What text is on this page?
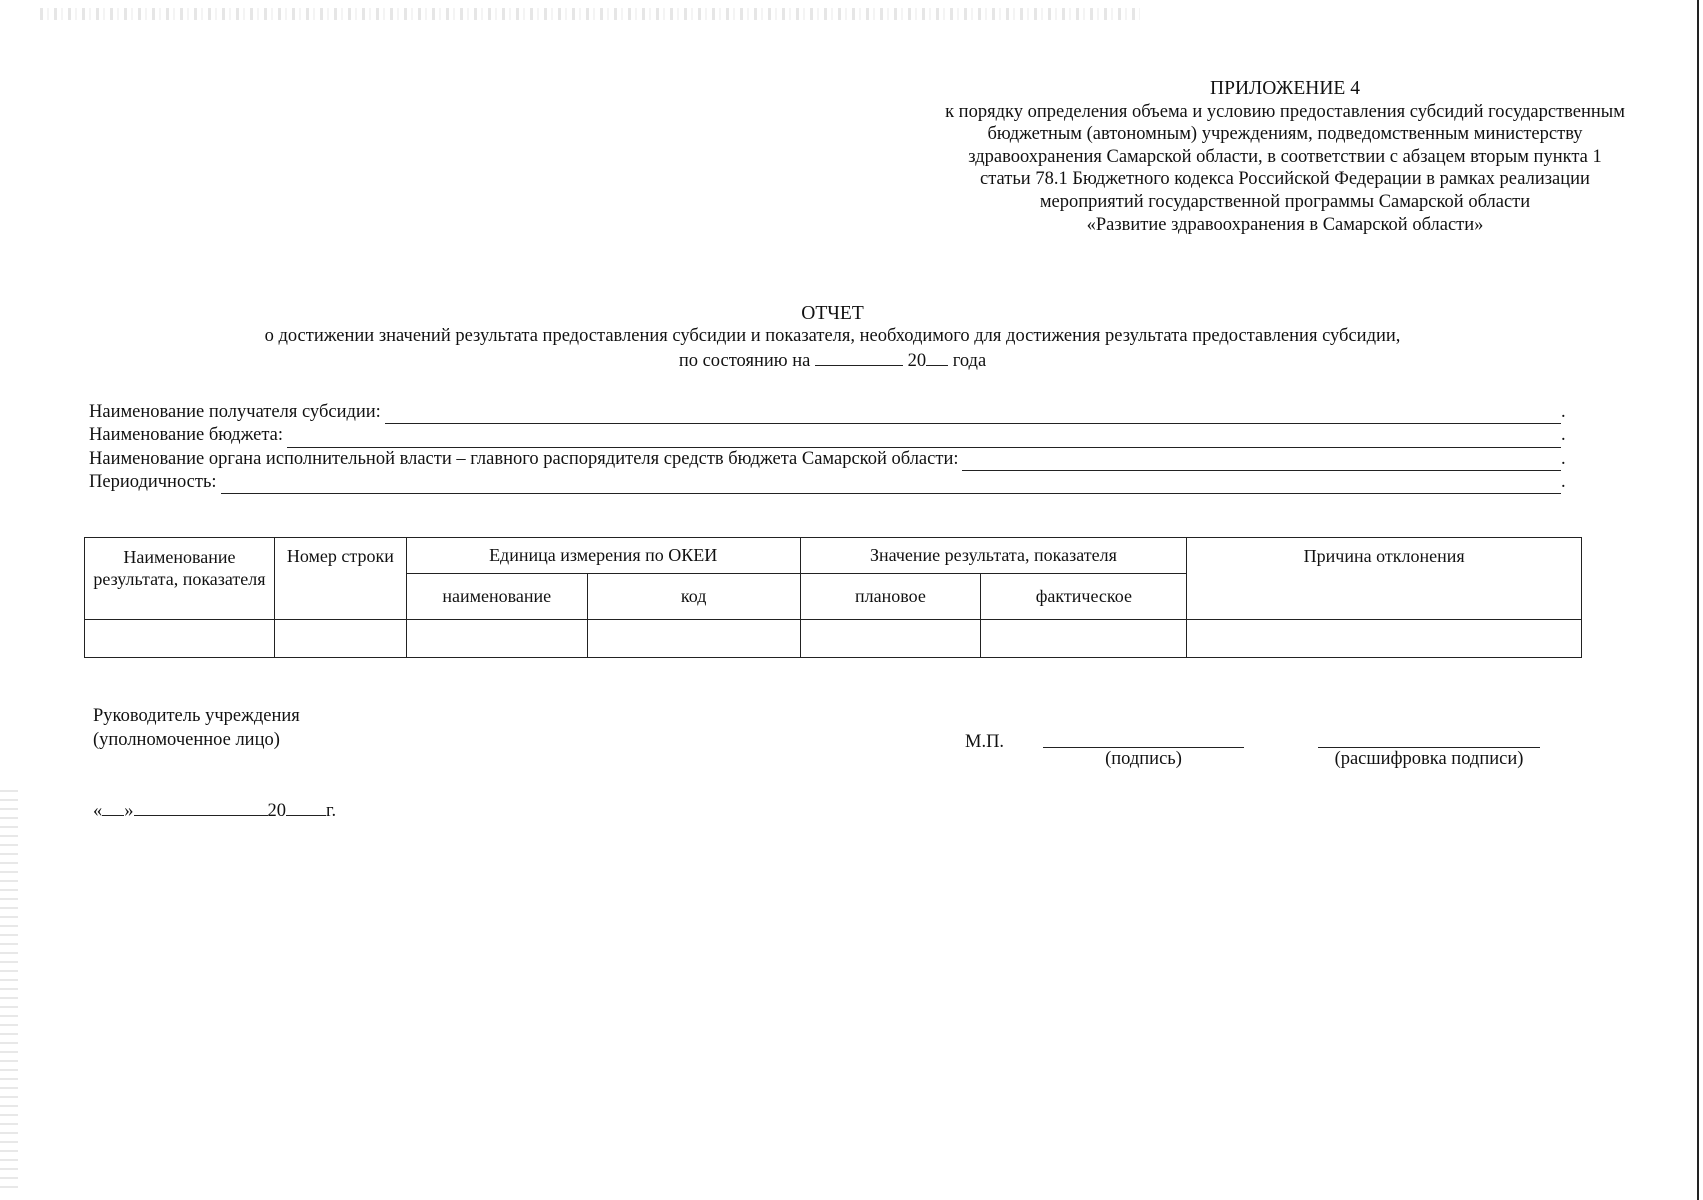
ПРИЛОЖЕНИЕ 4
к порядку определения объема и условию предоставления субсидий государственным
бюджетным (автономным) учреждениям, подведомственным министерству
здравоохранения Самарской области, в соответствии с абзацем вторым пункта 1
статьи 78.1 Бюджетного кодекса Российской Федерации в рамках реализации
мероприятий государственной программы Самарской области
«Развитие здравоохранения в Самарской области»
ОТЧЕТ
о достижении значений результата предоставления субсидии и показателя, необходимого для достижения результата предоставления субсидии,
по состоянию на	20 года
Наименование получателя субсидии:	.
Наименование бюджета:	.
Наименование органа исполнительной власти – главного распорядителя средств бюджета Самарской области:	.
Периодичность:	.
Наименование результата, показателя	Номер строки	Единица измерения по ОКЕИ		Значение результата, показателя		Причина отклонения
		наименование	код	плановое	фактическое	

Руководитель учреждения
(уполномоченное лицо)	М.П.
(подпись)	(расшифровка подписи)
« »	20 г.
